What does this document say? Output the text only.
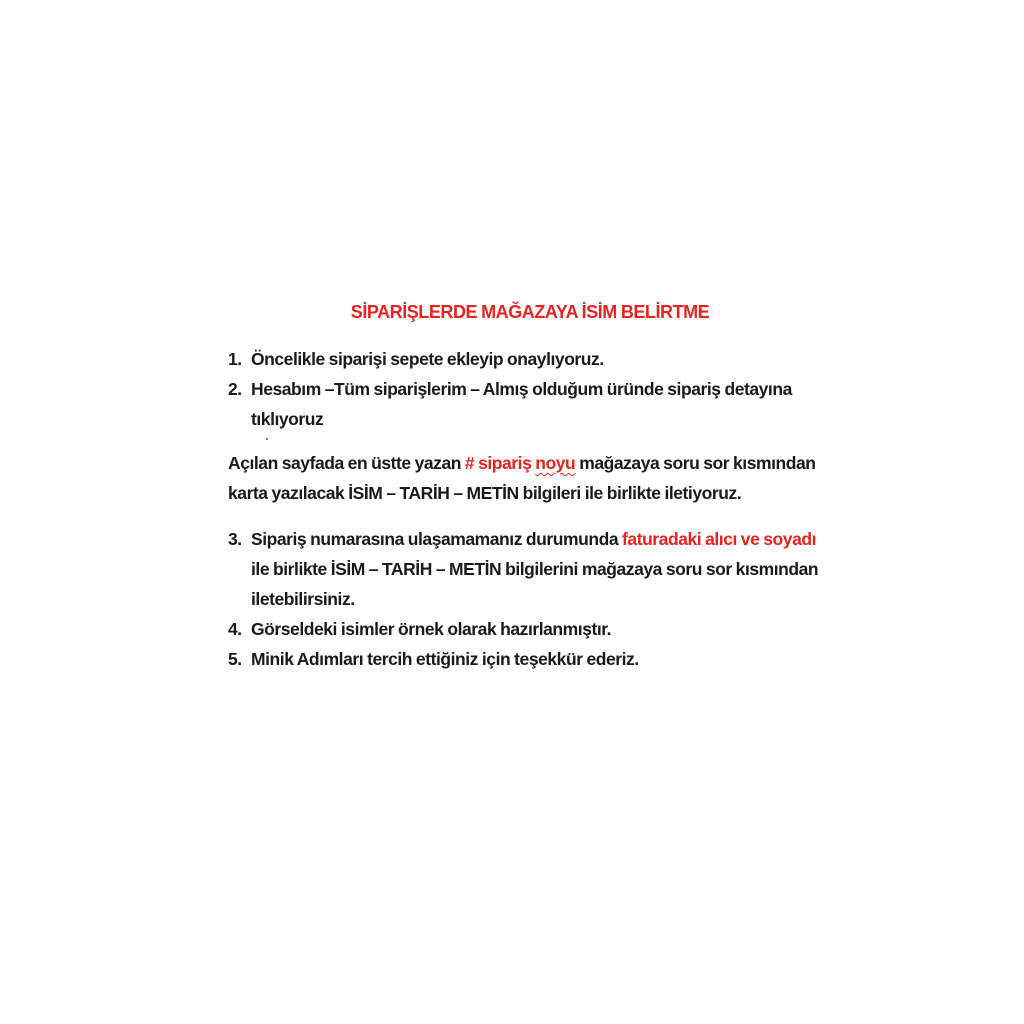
SİPARİŞLERDE MAĞAZAYA İSİM BELİRTME
1. Öncelikle siparişi sepete ekleyip onaylıyoruz.
2. Hesabım –Tüm siparişlerim – Almış olduğum üründe sipariş detayına tıklıyoruz

Açılan sayfada en üstte yazan # sipariş noyu mağazaya soru sor kısmından karta yazılacak İSİM – TARİH – METİN bilgileri ile birlikte iletiyoruz.

3. Sipariş numarasına ulaşamamanız durumunda faturadaki alıcı ve soyadı ile birlikte İSİM – TARİH – METİN bilgilerini mağazaya soru sor kısmından iletebilirsiniz.
4. Görseldeki isimler örnek olarak hazırlanmıştır.
5. Minik Adımları tercih ettiğiniz için teşekkür ederiz.
